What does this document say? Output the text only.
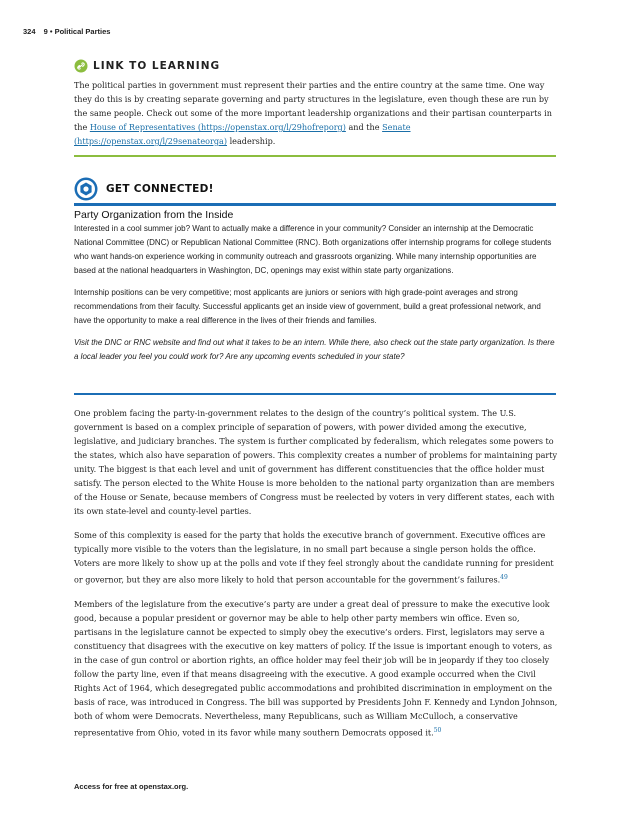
324 9 • Political Parties
LINK TO LEARNING
The political parties in government must represent their parties and the entire country at the same time. One way they do this is by creating separate governing and party structures in the legislature, even though these are run by the same people. Check out some of the more important leadership organizations and their partisan counterparts in the House of Representatives (https://openstax.org/l/29hofreporg) and the Senate (https://openstax.org/l/29senateorga) leadership.
GET CONNECTED!
Party Organization from the Inside

Interested in a cool summer job? Want to actually make a difference in your community? Consider an internship at the Democratic National Committee (DNC) or Republican National Committee (RNC). Both organizations offer internship programs for college students who want hands-on experience working in community outreach and grassroots organizing. While many internship opportunities are based at the national headquarters in Washington, DC, openings may exist within state party organizations.

Internship positions can be very competitive; most applicants are juniors or seniors with high grade-point averages and strong recommendations from their faculty. Successful applicants get an inside view of government, build a great professional network, and have the opportunity to make a real difference in the lives of their friends and families.

Visit the DNC or RNC website and find out what it takes to be an intern. While there, also check out the state party organization. Is there a local leader you feel you could work for? Are any upcoming events scheduled in your state?

One problem facing the party-in-government relates to the design of the country’s political system. The U.S. government is based on a complex principle of separation of powers, with power divided among the executive, legislative, and judiciary branches. The system is further complicated by federalism, which relegates some powers to the states, which also have separation of powers. This complexity creates a number of problems for maintaining party unity. The biggest is that each level and unit of government has different constituencies that the office holder must satisfy. The person elected to the White House is more beholden to the national party organization than are members of the House or Senate, because members of Congress must be reelected by voters in very different states, each with its own state-level and county-level parties.

Some of this complexity is eased for the party that holds the executive branch of government. Executive offices are typically more visible to the voters than the legislature, in no small part because a single person holds the office. Voters are more likely to show up at the polls and vote if they feel strongly about the candidate running for president or governor, but they are also more likely to hold that person accountable for the government’s failures.$^{49}$

Members of the legislature from the executive’s party are under a great deal of pressure to make the executive look good, because a popular president or governor may be able to help other party members win office. Even so, partisans in the legislature cannot be expected to simply obey the executive’s orders. First, legislators may serve a constituency that disagrees with the executive on key matters of policy. If the issue is important enough to voters, as in the case of gun control or abortion rights, an office holder may feel their job will be in jeopardy if they too closely follow the party line, even if that means disagreeing with the executive. A good example occurred when the Civil Rights Act of 1964, which desegregated public accommodations and prohibited discrimination in employment on the basis of race, was introduced in Congress. The bill was supported by Presidents John F. Kennedy and Lyndon Johnson, both of whom were Democrats. Nevertheless, many Republicans, such as William McCulloch, a conservative representative from Ohio, voted in its favor while many southern Democrats opposed it.$^{50}$

Access for free at openstax.org.
